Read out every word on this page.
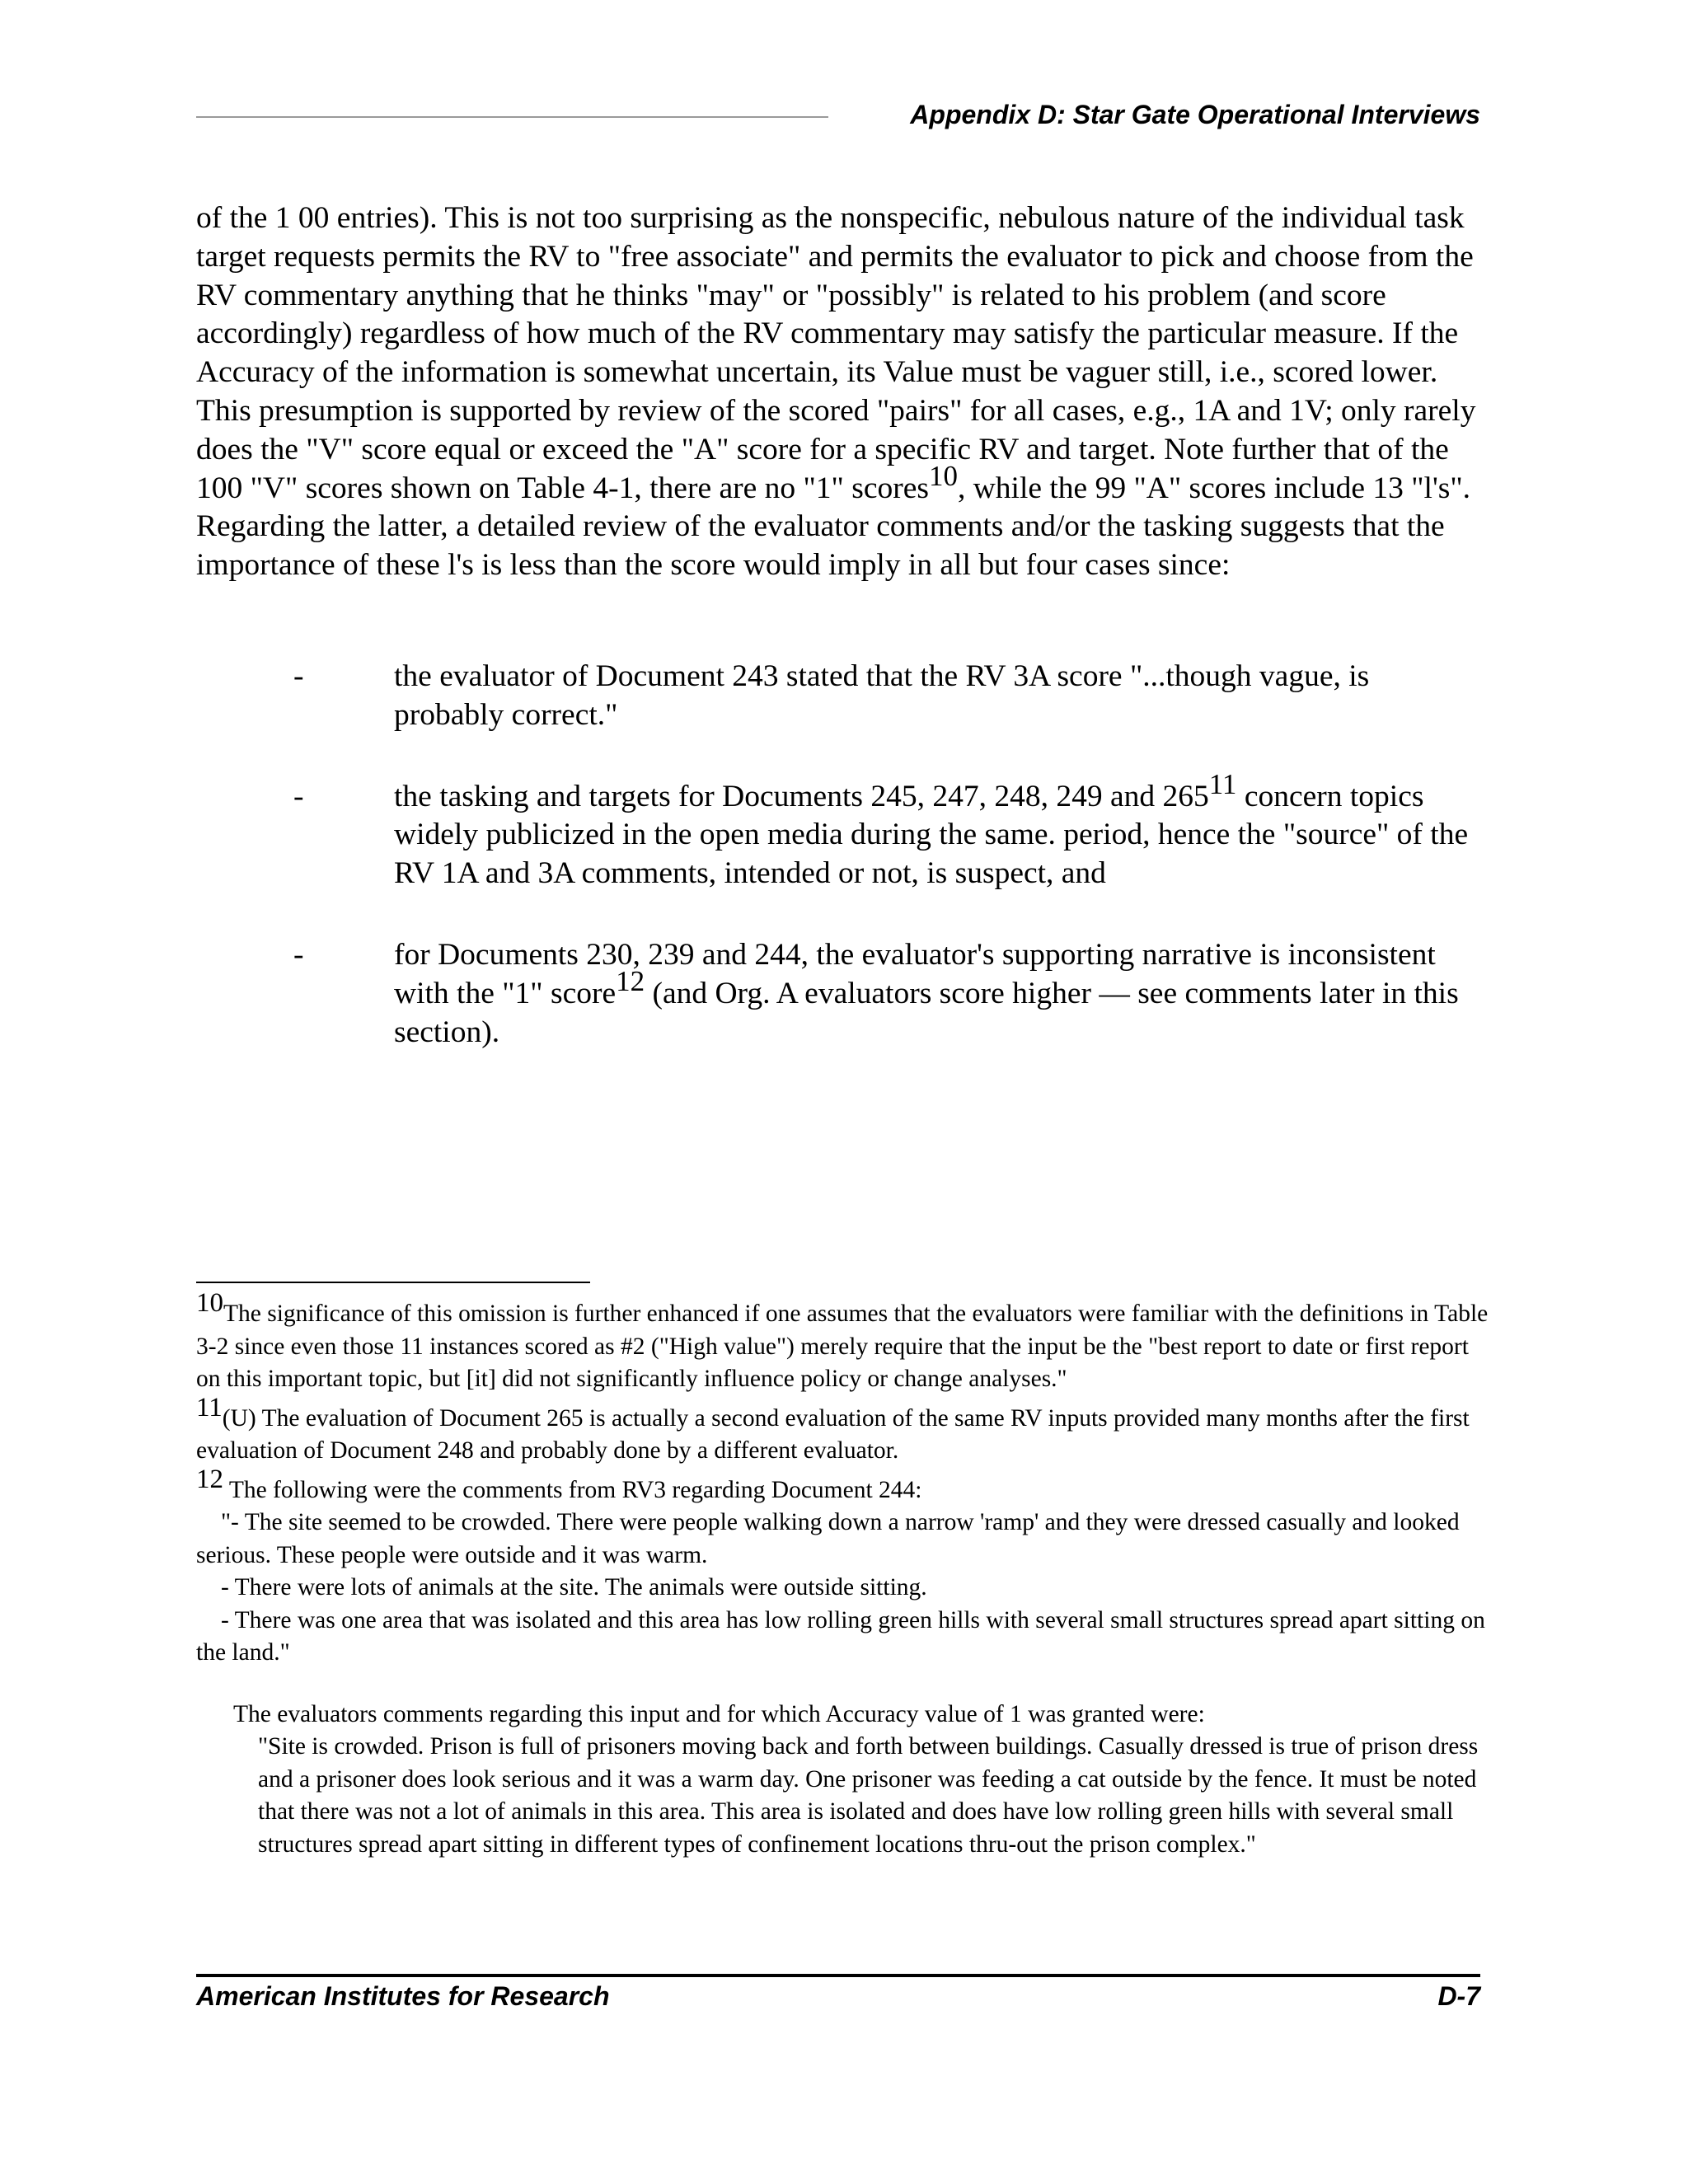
Appendix D: Star Gate Operational Interviews

of the 1 00 entries). This is not too surprising as the nonspecific, nebulous nature of the individual task target requests permits the RV to "free associate" and permits the evaluator to pick and choose from the RV commentary anything that he thinks "may" or "possibly" is related to his problem (and score accordingly) regardless of how much of the RV commentary may satisfy the particular measure. If the Accuracy of the information is somewhat uncertain, its Value must be vaguer still, i.e., scored lower. This presumption is supported by review of the scored "pairs" for all cases, e.g., 1A and 1V; only rarely does the "V" score equal or exceed the "A" score for a specific RV and target. Note further that of the 100 "V" scores shown on Table 4-1, there are no "1" scores$^{10}$, while the 99 "A" scores include 13 "l's". Regarding the latter, a detailed review of the evaluator comments and/or the tasking suggests that the importance of these l's is less than the score would imply in all but four cases since:

-	the evaluator of Document 243 stated that the RV 3A score "...though vague, is probably correct."
-	the tasking and targets for Documents 245, 247, 248, 249 and $265^{11}$ concern topics widely publicized in the open media during the same. period, hence the "source" of the RV 1A and 3A comments, intended or not, is suspect, and
-	for Documents 230, 239 and 244, the evaluator's supporting narrative is inconsistent with the "1" score$^{12}$ (and Org. A evaluators score higher — see comments later in this section).

$^{10}$The significance of this omission is further enhanced if one assumes that the evaluators were familiar with the definitions in Table 3-2 since even those 11 instances scored as #2 ("High value") merely require that the input be the "best report to date or first report on this important topic, but [it] did not significantly influence policy or change analyses."

$^{11}$(U) The evaluation of Document 265 is actually a second evaluation of the same RV inputs provided many months after the first evaluation of Document 248 and probably done by a different evaluator.

$^{12}$ The following were the comments from RV3 regarding Document 244:

"- The site seemed to be crowded. There were people walking down a narrow 'ramp' and they were dressed casually and looked serious. These people were outside and it was warm.

- There were lots of animals at the site. The animals were outside sitting.

- There was one area that was isolated and this area has low rolling green hills with several small structures spread apart sitting on the land."

The evaluators comments regarding this input and for which Accuracy value of 1 was granted were:

"Site is crowded. Prison is full of prisoners moving back and forth between buildings. Casually dressed is true of prison dress and a prisoner does look serious and it was a warm day. One prisoner was feeding a cat outside by the fence. It must be noted that there was not a lot of animals in this area. This area is isolated and does have low rolling green hills with several small structures spread apart sitting in different types of confinement locations thru-out the prison complex."

American Institutes for Research	D-7
